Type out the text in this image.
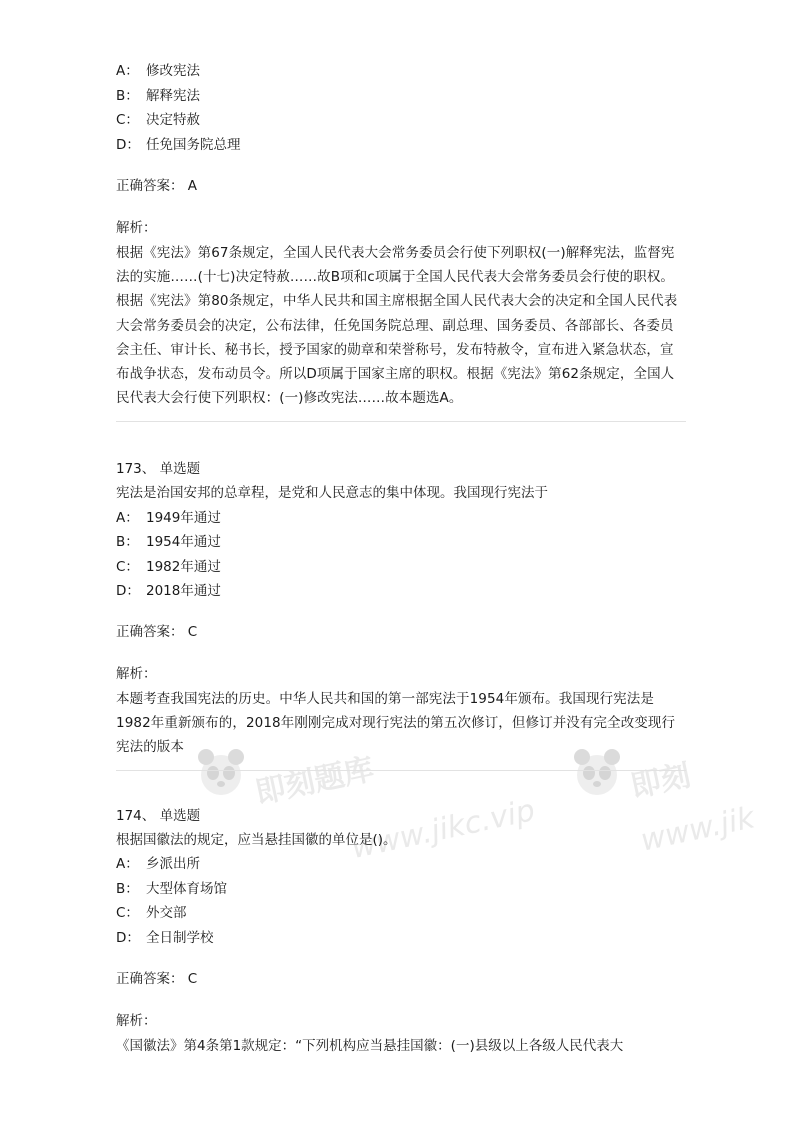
即刻题库
www.jikc.vip
即刻
www.jik
A： 修改宪法
B： 解释宪法
C： 决定特赦
D： 任免国务院总理
正确答案： A
解析：
根据《宪法》第67条规定，全国人民代表大会常务委员会行使下列职权(一)解释宪法，监督宪法的实施……(十七)决定特赦……故B项和c项属于全国人民代表大会常务委员会行使的职权。根据《宪法》第80条规定，中华人民共和国主席根据全国人民代表大会的决定和全国人民代表大会常务委员会的决定，公布法律，任免国务院总理、副总理、国务委员、各部部长、各委员会主任、审计长、秘书长，授予国家的勋章和荣誉称号，发布特赦令，宣布进入紧急状态，宣布战争状态，发布动员令。所以D项属于国家主席的职权。根据《宪法》第62条规定，全国人民代表大会行使下列职权：(一)修改宪法……故本题选A。
173、 单选题
宪法是治国安邦的总章程，是党和人民意志的集中体现。我国现行宪法于
A： 1949年通过
B： 1954年通过
C： 1982年通过
D： 2018年通过
正确答案： C
解析：
本题考查我国宪法的历史。中华人民共和国的第一部宪法于1954年颁布。我国现行宪法是1982年重新颁布的，2018年刚刚完成对现行宪法的第五次修订，但修订并没有完全改变现行宪法的版本
174、 单选题
根据国徽法的规定，应当悬挂国徽的单位是()。
A： 乡派出所
B： 大型体育场馆
C： 外交部
D： 全日制学校
正确答案： C
解析：
《国徽法》第4条第1款规定：“下列机构应当悬挂国徽：(一)县级以上各级人民代表大
